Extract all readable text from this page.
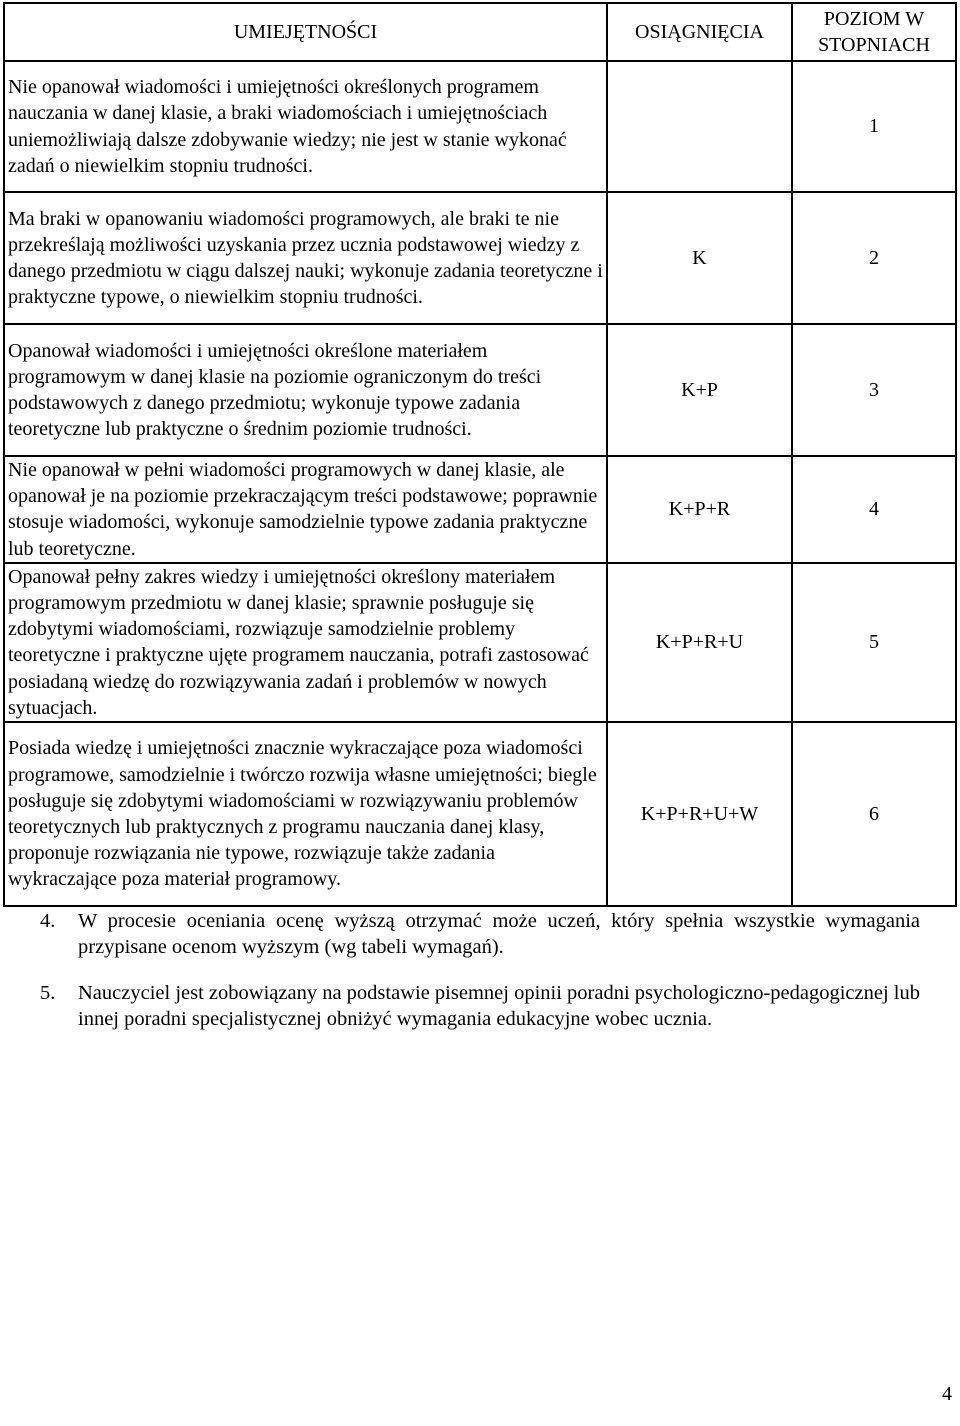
UMIEJĘTNOŚCI	OSIĄGNIĘCIA	POZIOM W STOPNIACH
Nie opanował wiadomości i umiejętności określonych programem nauczania w danej klasie, a braki wiadomościach i umiejętnościach uniemożliwiają dalsze zdobywanie wiedzy; nie jest w stanie wykonać zadań o niewielkim stopniu trudności.		1
Ma braki w opanowaniu wiadomości programowych, ale braki te nie przekreślają możliwości uzyskania przez ucznia podstawowej wiedzy z danego przedmiotu w ciągu dalszej nauki; wykonuje zadania teoretyczne i praktyczne typowe, o niewielkim stopniu trudności.	K	2
Opanował wiadomości i umiejętności określone materiałem programowym w danej klasie na poziomie ograniczonym do treści podstawowych z danego przedmiotu; wykonuje typowe zadania teoretyczne lub praktyczne o średnim poziomie trudności.	K+P	3
Nie opanował w pełni wiadomości programowych w danej klasie, ale opanował je na poziomie przekraczającym treści podstawowe; poprawnie stosuje wiadomości, wykonuje samodzielnie typowe zadania praktyczne lub teoretyczne.	K+P+R	4
Opanował pełny zakres wiedzy i umiejętności określony materiałem programowym przedmiotu w danej klasie; sprawnie posługuje się zdobytymi wiadomościami, rozwiązuje samodzielnie problemy teoretyczne i praktyczne ujęte programem nauczania, potrafi zastosować posiadaną wiedzę do rozwiązywania zadań i problemów w nowych sytuacjach.	K+P+R+U	5
Posiada wiedzę i umiejętności znacznie wykraczające poza wiadomości programowe, samodzielnie i twórczo rozwija własne umiejętności; biegle posługuje się zdobytymi wiadomościami w rozwiązywaniu problemów teoretycznych lub praktycznych z programu nauczania danej klasy, proponuje rozwiązania nie typowe, rozwiązuje także zadania wykraczające poza materiał programowy.	K+P+R+U+W	6
4. W procesie oceniania ocenę wyższą otrzymać może uczeń, który spełnia wszystkie wymagania przypisane ocenom wyższym (wg tabeli wymagań).
5. Nauczyciel jest zobowiązany na podstawie pisemnej opinii poradni psychologiczno-pedagogicznej lub innej poradni specjalistycznej obniżyć wymagania edukacyjne wobec ucznia.
4
